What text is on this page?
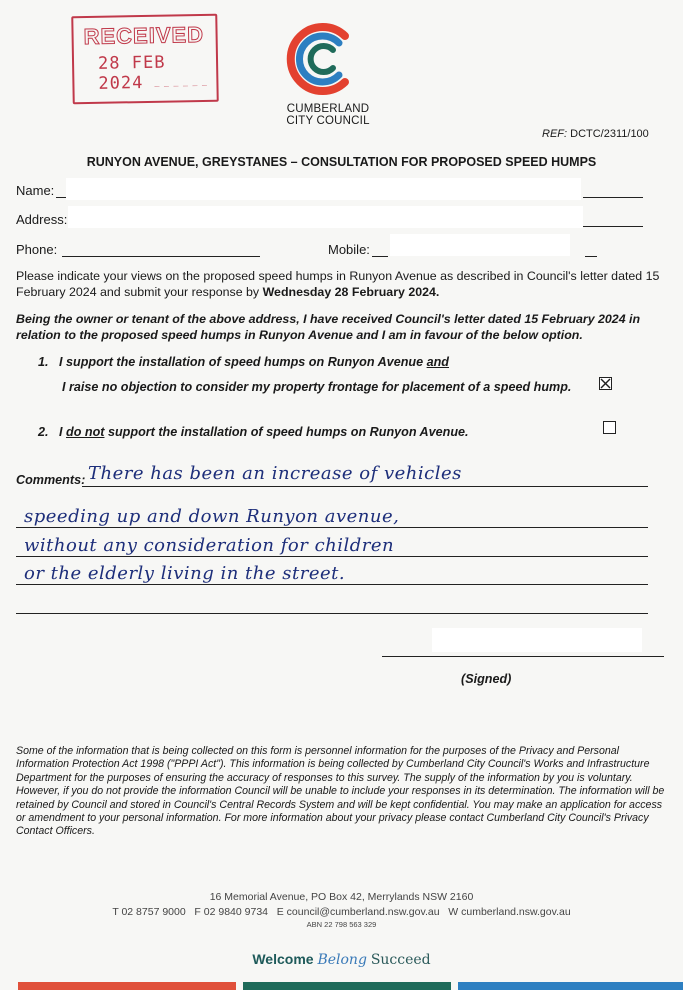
RECEIVED
28 FEB 2024	– – – – – –
CUMBERLAND
CITY COUNCIL
REF: DCTC/2311/100
RUNYON AVENUE, GREYSTANES – CONSULTATION FOR PROPOSED SPEED HUMPS
Name:
Address:
Phone:	Mobile:
Please indicate your views on the proposed speed humps in Runyon Avenue as described in Council's letter dated 15 February 2024 and submit your response by Wednesday 28 February 2024.
Being the owner or tenant of the above address, I have received Council's letter dated 15 February 2024 in relation to the proposed speed humps in Runyon Avenue and I am in favour of the below option.
1. I support the installation of speed humps on Runyon Avenue and
I raise no objection to consider my property frontage for placement of a speed hump.
2. I do not support the installation of speed humps on Runyon Avenue.
Comments: There has been an increase of vehicles
speeding up and down Runyon avenue,
without any consideration for children
or the elderly living in the street.
(Signed)
Some of the information that is being collected on this form is personnel information for the purposes of the Privacy and Personal Information Protection Act 1998 ("PPPI Act"). This information is being collected by Cumberland City Council's Works and Infrastructure Department for the purposes of ensuring the accuracy of responses to this survey. The supply of the information by you is voluntary. However, if you do not provide the information Council will be unable to include your responses in its determination. The information will be retained by Council and stored in Council's Central Records System and will be kept confidential. You may make an application for access or amendment to your personal information. For more information about your privacy please contact Cumberland City Council's Privacy Contact Officers.
16 Memorial Avenue, PO Box 42, Merrylands NSW 2160
T 02 8757 9000   F 02 9840 9734   E council@cumberland.nsw.gov.au   W cumberland.nsw.gov.au
ABN 22 798 563 329
Welcome Belong Succeed
